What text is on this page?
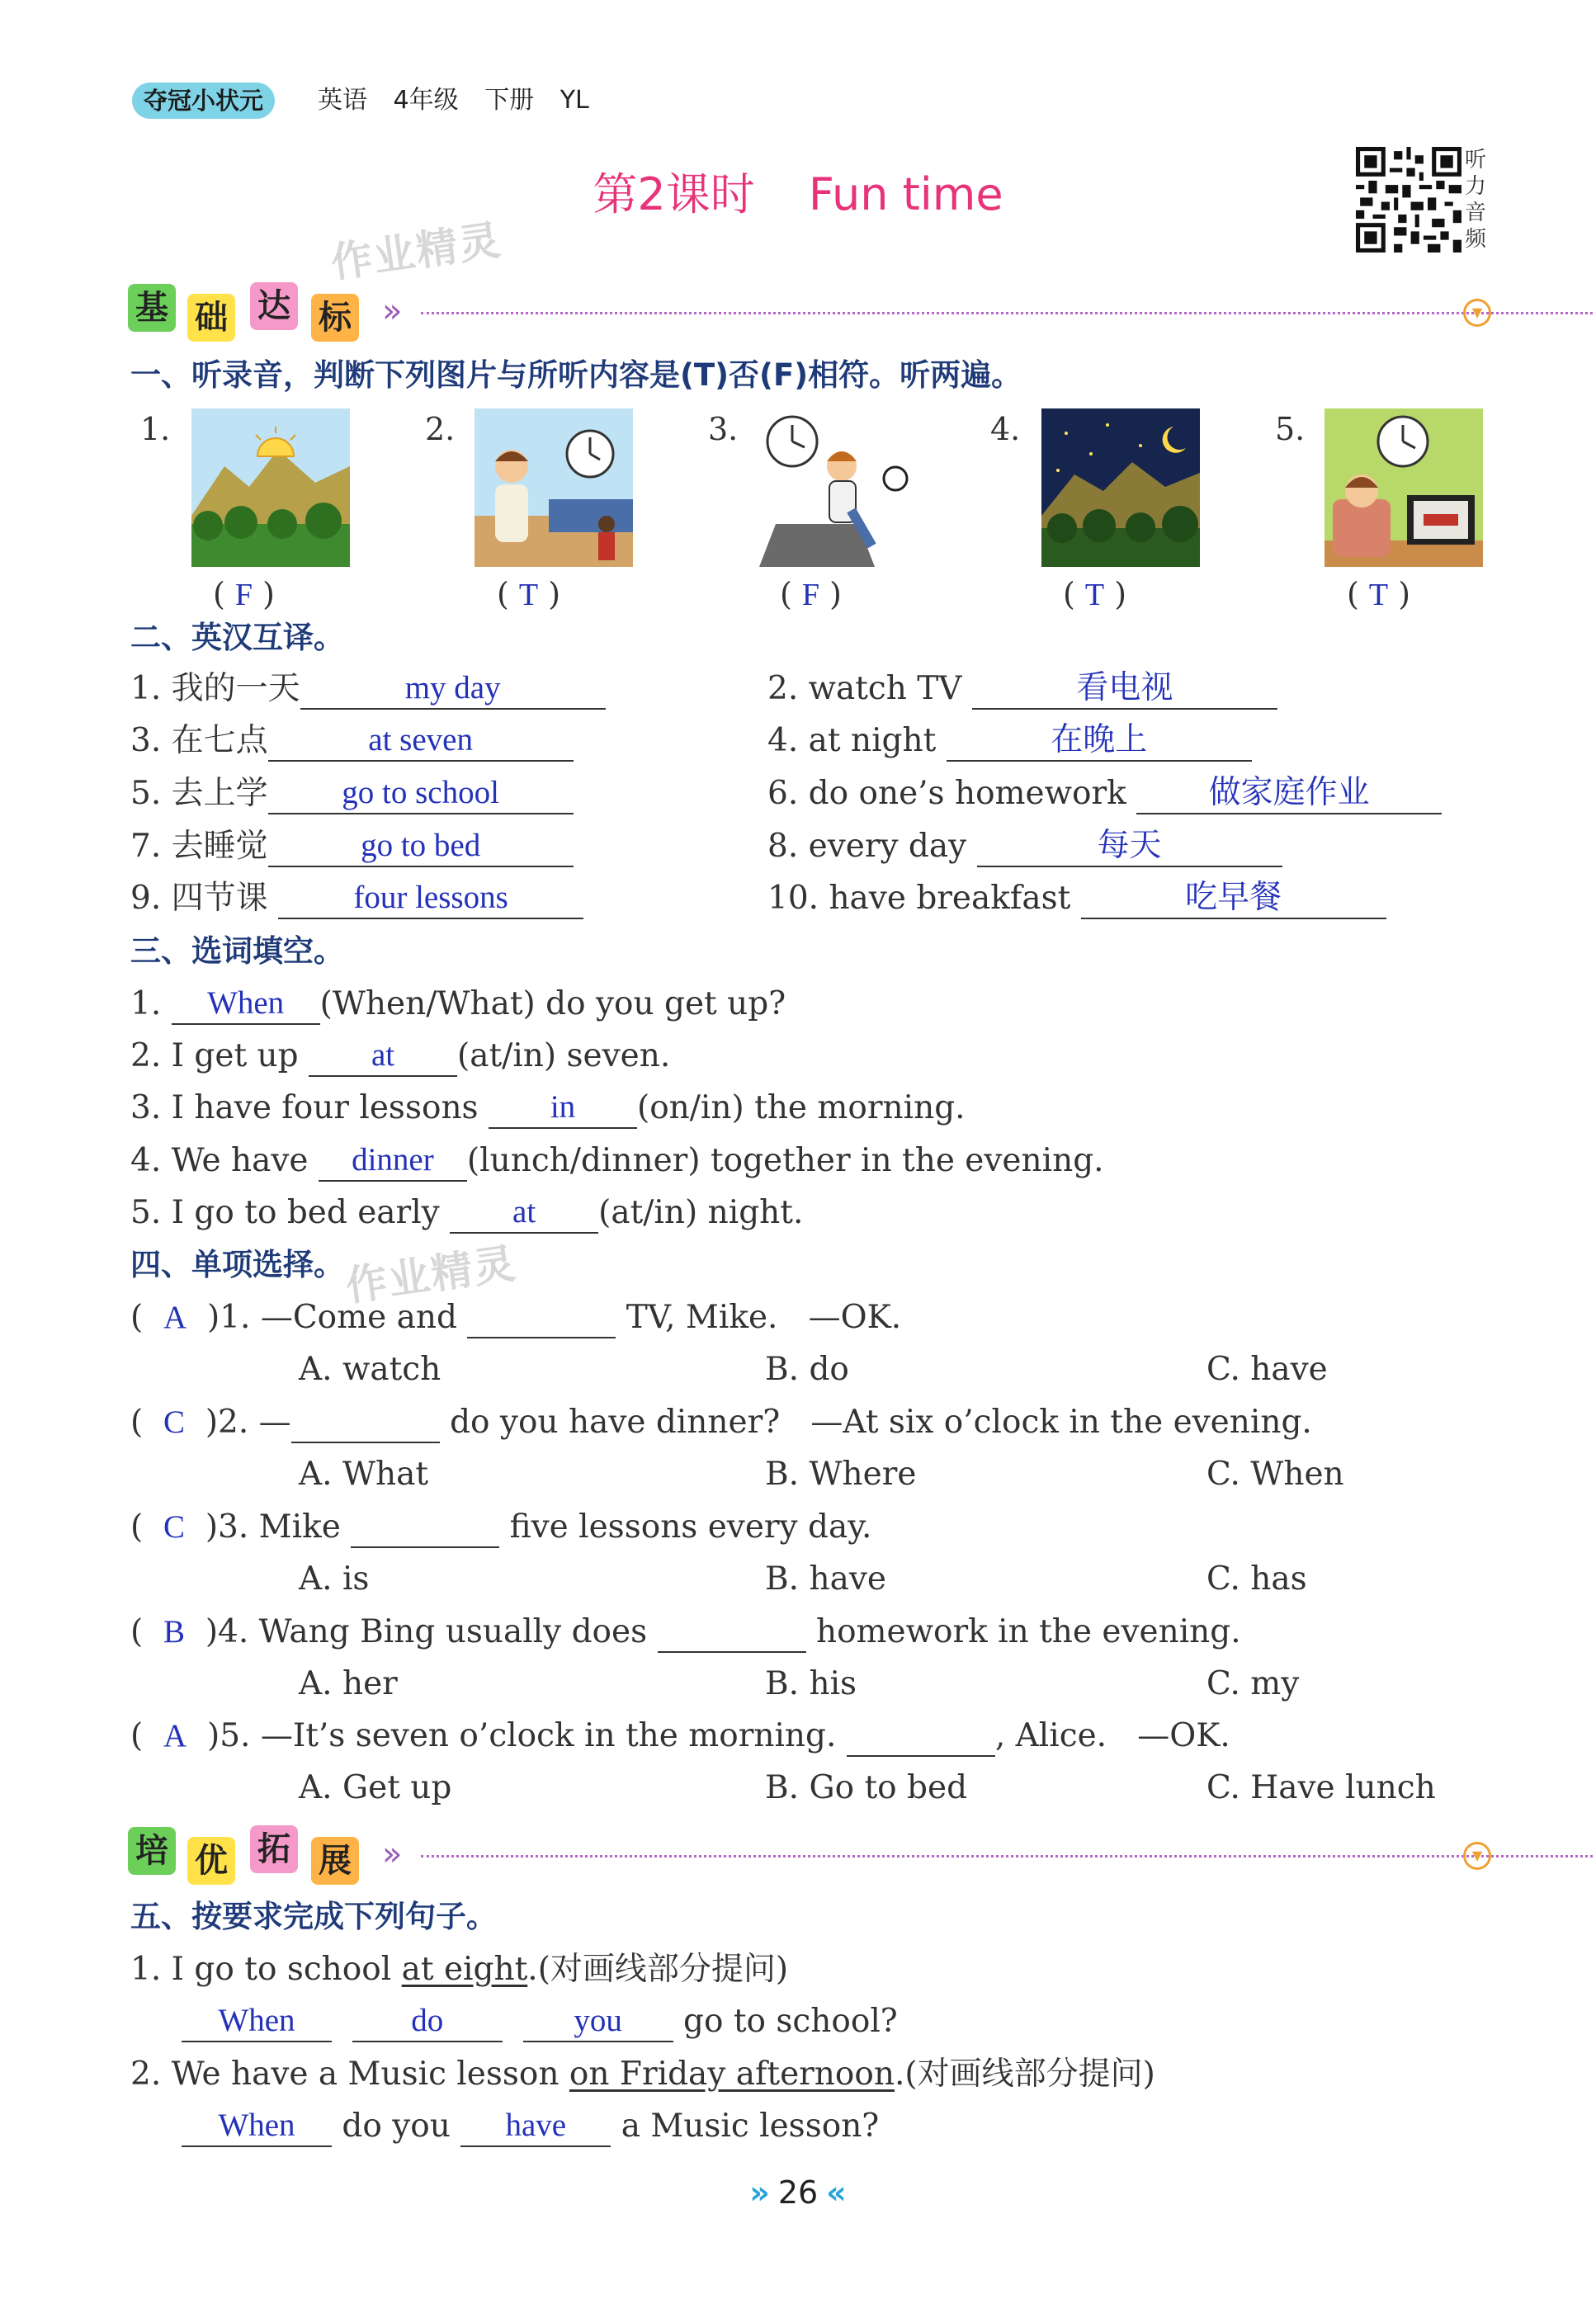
夺冠小状元	英语 4年级 下册 YL
第2课时 Fun time
作业精灵
作业精灵
听力音频
基 础 达 标 »	▼
一、听录音，判断下列图片与所听内容是(T)否(F)相符。听两遍。
1.
( F )
2.
( T )
3.
( F )
4.
( T )
5.
( T )
二、英汉互译。
1. 我的一天	my day	2. watch TV	看电视
3. 在七点	at seven	4. at night	在晚上
5. 去上学 go to school	6. do one’s homework	做家庭作业
7. 去睡觉	go to bed	8. every day	每天
9. 四节课	four lessons	10. have breakfast	吃早餐
三、选词填空。
1. When (When/What) do you get up?
2. I get up at (at/in) seven.
3. I have four lessons in (on/in) the morning.
4. We have dinner (lunch/dinner) together in the evening.
5. I go to bed early at (at/in) night.
四、单项选择。
(  A )1. —Come and	TV, Mike. —OK.
A. watch	B. do	C. have
(  C )2. —	do you have dinner? —At six o’clock in the evening.
A. What	B. Where	C. When
(  C )3. Mike	five lessons every day.
A. is	B. have	C. has
(  B )4. Wang Bing usually does	homework in the evening.
A. her	B. his	C. my
(  A )5. —It’s seven o’clock in the morning.	, Alice. —OK.
A. Get up	B. Go to bed	C. Have lunch
培 优 拓 展 »	▼
五、按要求完成下列句子。
1. I go to school at eight.(对画线部分提问)
When	do	you go to school?
2. We have a Music lesson on Friday afternoon.(对画线部分提问)
When do you have a Music lesson?
» 26 «
